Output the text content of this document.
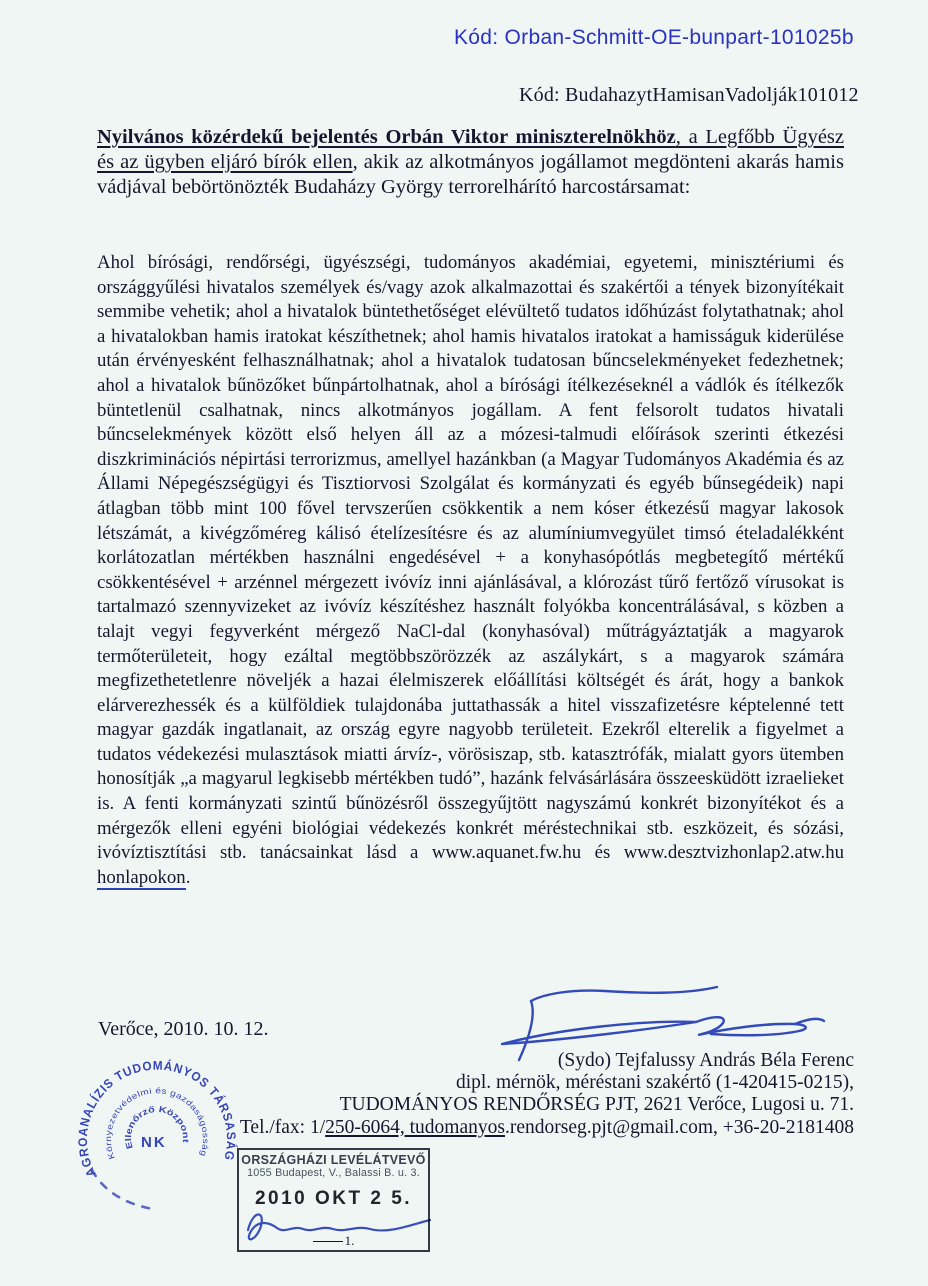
Kód: Orban-Schmitt-OE-bunpart-101025b
Kód: BudahazytHamisanVadolják101012

Nyilvános közérdekű bejelentés Orbán Viktor miniszterelnökhöz, a Legfőbb Ügyész és az ügyben eljáró bírók ellen, akik az alkotmányos jogállamot megdönteni akarás hamis vádjával bebörtönözték Budaházy György terrorelhárító harcostársamat:

Ahol bírósági, rendőrségi, ügyészségi, tudományos akadémiai, egyetemi, minisztériumi és országgyűlési hivatalos személyek és/vagy azok alkalmazottai és szakértői a tények bizonyítékait semmibe vehetik; ahol a hivatalok büntethetőséget elévültető tudatos időhúzást folytathatnak; ahol a hivatalokban hamis iratokat készíthetnek; ahol hamis hivatalos iratokat a hamisságuk kiderülése után érvényesként felhasználhatnak; ahol a hivatalok tudatosan bűncselekményeket fedezhetnek; ahol a hivatalok bűnözőket bűnpártolhatnak, ahol a bírósági ítélkezéseknél a vádlók és ítélkezők büntetlenül csalhatnak, nincs alkotmányos jogállam. A fent felsorolt tudatos hivatali bűncselekmények között első helyen áll az a mózesi-talmudi előírások szerinti étkezési diszkriminációs népirtási terrorizmus, amellyel hazánkban (a Magyar Tudományos Akadémia és az Állami Népegészségügyi és Tisztiorvosi Szolgálat és kormányzati és egyéb bűnsegédeik) napi átlagban több mint 100 fővel tervszerűen csökkentik a nem kóser étkezésű magyar lakosok létszámát, a kivégzőméreg kálisó ételízesítésre és az alumíniumvegyület timsó ételadalékként korlátozatlan mértékben használni engedésével + a konyhasópótlás megbetegítő mértékű csökkentésével + arzénnel mérgezett ivóvíz inni ajánlásával, a klórozást tűrő fertőző vírusokat is tartalmazó szennyvizeket az ivóvíz készítéshez használt folyókba koncentrálásával, s közben a talajt vegyi fegyverként mérgező NaCl-dal (konyhasóval) műtrágyáztatják a magyarok termőterületeit, hogy ezáltal megtöbbszörözzék az aszálykárt, s a magyarok számára megfizethetetlenre növeljék a hazai élelmiszerek előállítási költségét és árát, hogy a bankok elárverezhessék és a külföldiek tulajdonába juttathassák a hitel visszafizetésre képtelenné tett magyar gazdák ingatlanait, az ország egyre nagyobb területeit. Ezekről elterelik a figyelmet a tudatos védekezési mulasztások miatti árvíz-, vörösiszap, stb. katasztrófák, mialatt gyors ütemben honosítják „a magyarul legkisebb mértékben tudó”, hazánk felvásárlására összeesküdött izraelieket is. A fenti kormányzati szintű bűnözésről összegyűjtött nagyszámú konkrét bizonyítékot és a mérgezők elleni egyéni biológiai védekezés konkrét méréstechnikai stb. eszközeit, és sózási, ivóvíztisztítási stb. tanácsainkat lásd a www.aquanet.fw.hu és www.desztvizhonlap2.atw.hu honlapokon.

Verőce, 2010. 10. 12.
(Sydo) Tejfalussy András Béla Ferenc
dipl. mérnök, méréstani szakértő (1-420415-0215),
TUDOMÁNYOS RENDŐRSÉG PJT, 2621 Verőce, Lugosi u. 71.
Tel./fax: 1/250-6064, tudomanyos.rendorseg.pjt@gmail.com, +36-20-2181408
AGROANALÍZIS TUDOMÁNYOS TÁRSASÁG
Környezetvédelmi és gazdaságosság
Ellenőrző Központ
NK
ORSZÁGHÁZI LEVÉLÁTVEVŐ
1055 Budapest, V., Balassi B. u. 3.
2010 OKT 2 5.
1.
